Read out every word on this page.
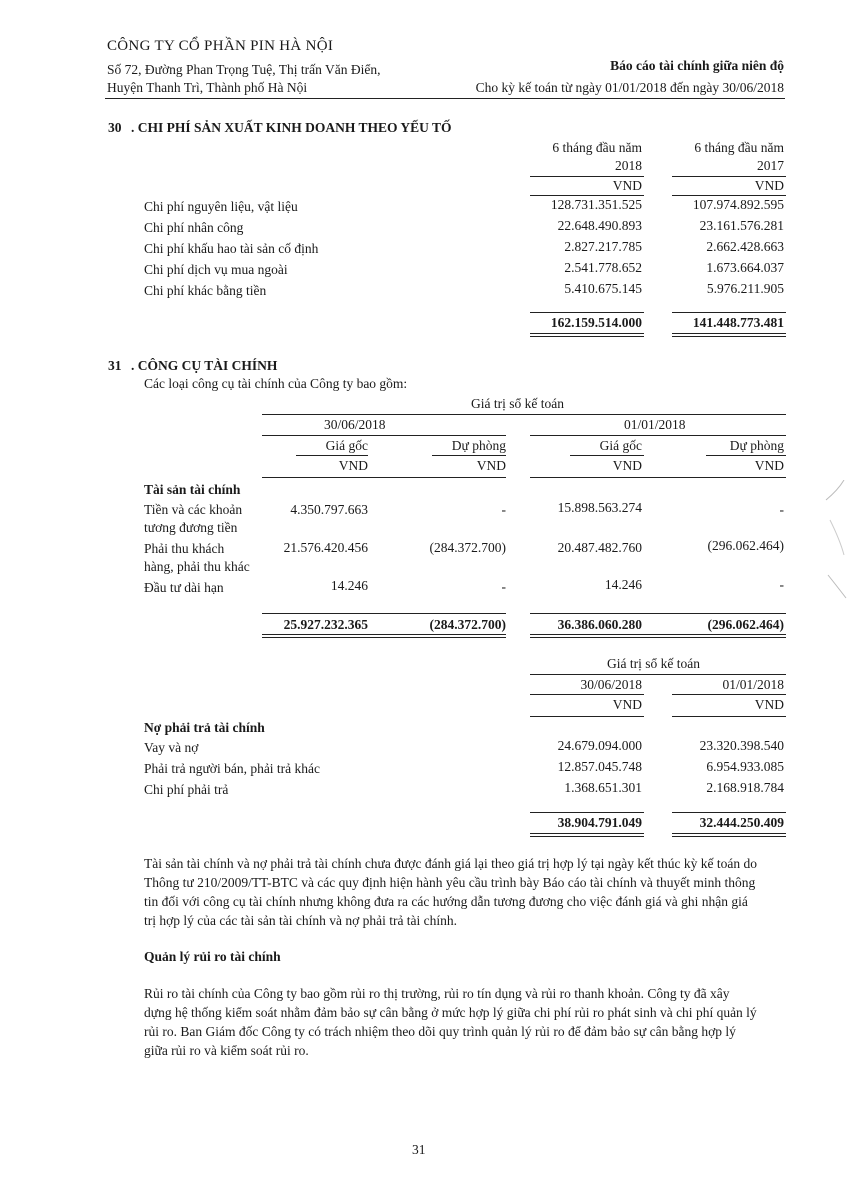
CÔNG TY CỔ PHẦN PIN HÀ NỘI
Số 72, Đường Phan Trọng Tuệ, Thị trấn Văn Điển,
Huyện Thanh Trì, Thành phố Hà Nội
Báo cáo tài chính giữa niên độ
Cho kỳ kế toán từ ngày 01/01/2018 đến ngày 30/06/2018
30 . CHI PHÍ SẢN XUẤT KINH DOANH THEO YẾU TỐ
6 tháng đầu năm
2018
VND
6 tháng đầu năm
2017
VND
Chi phí nguyên liệu, vật liệu	128.731.351.525	107.974.892.595
Chi phí nhân công	22.648.490.893	23.161.576.281
Chi phí khấu hao tài sản cố định	2.827.217.785	2.662.428.663
Chi phí dịch vụ mua ngoài	2.541.778.652	1.673.664.037
Chi phí khác bằng tiền	5.410.675.145	5.976.211.905
162.159.514.000	141.448.773.481
31 . CÔNG CỤ TÀI CHÍNH
Các loại công cụ tài chính của Công ty bao gồm:
Giá trị sổ kế toán
30/06/2018	01/01/2018
Giá gốc	Dự phòng	Giá gốc	Dự phòng
VND	VND	VND	VND
Tài sản tài chính
Tiền và các khoản
tương đương tiền
4.350.797.663	-	15.898.563.274	-
Phải thu khách
hàng, phải thu khác
21.576.420.456	(284.372.700)	20.487.482.760	(296.062.464)
Đầu tư dài hạn	14.246	-	14.246	-
25.927.232.365	(284.372.700)	36.386.060.280	(296.062.464)
Giá trị sổ kế toán
30/06/2018	01/01/2018
VND	VND
Nợ phải trả tài chính
Vay và nợ	24.679.094.000	23.320.398.540
Phải trả người bán, phải trả khác	12.857.045.748	6.954.933.085
Chi phí phải trả	1.368.651.301	2.168.918.784
38.904.791.049	32.444.250.409
Tài sản tài chính và nợ phải trả tài chính chưa được đánh giá lại theo giá trị hợp lý tại ngày kết thúc kỳ kế toán do
Thông tư 210/2009/TT-BTC và các quy định hiện hành yêu cầu trình bày Báo cáo tài chính và thuyết minh thông
tin đối với công cụ tài chính nhưng không đưa ra các hướng dẫn tương đương cho việc đánh giá và ghi nhận giá
trị hợp lý của các tài sản tài chính và nợ phải trả tài chính.
Quản lý rủi ro tài chính
Rủi ro tài chính của Công ty bao gồm rủi ro thị trường, rủi ro tín dụng và rủi ro thanh khoản. Công ty đã xây
dựng hệ thống kiểm soát nhằm đảm bảo sự cân bằng ở mức hợp lý giữa chi phí rủi ro phát sinh và chi phí quản lý
rủi ro. Ban Giám đốc Công ty có trách nhiệm theo dõi quy trình quản lý rủi ro để đảm bảo sự cân bằng hợp lý
giữa rủi ro và kiểm soát rủi ro.
31
